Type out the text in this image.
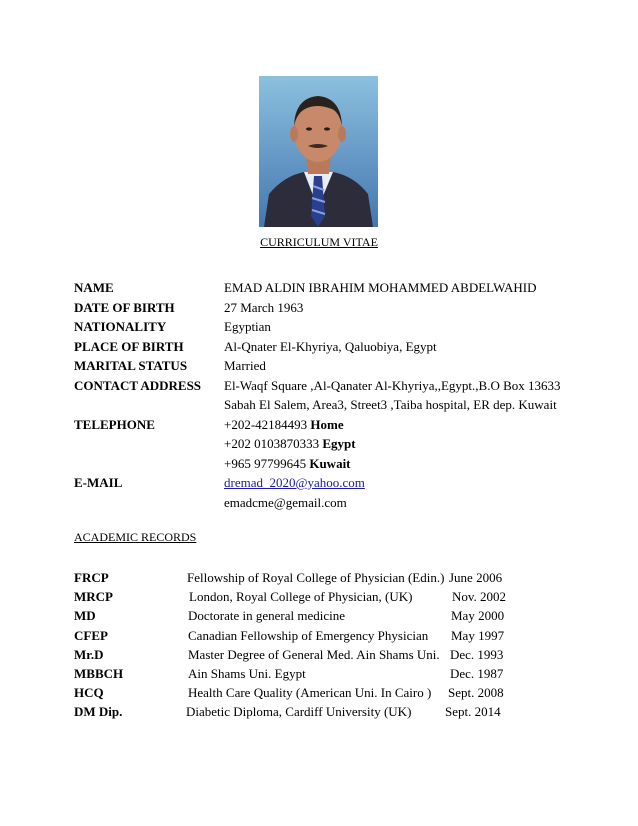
CURRICULUM VITAE
NAME	EMAD ALDIN IBRAHIM MOHAMMED ABDELWAHID
DATE OF BIRTH	27 March 1963
NATIONALITY	Egyptian
PLACE OF BIRTH	Al-Qnater El-Khyriya, Qaluobiya, Egypt
MARITAL STATUS	Married
CONTACT ADDRESS El-Waqf Square ,Al-Qanater Al-Khyriya,,Egypt.,B.O Box 13633
Sabah El Salem, Area3, Street3 ,Taiba hospital, ER dep. Kuwait
TELEPHONE	+202-42184493 Home
+202 0103870333 Egypt
+965 97799645 Kuwait
E-MAIL	dremad_2020@yahoo.com
emadcme@gemail.com
ACADEMIC RECORDS
FRCP	Fellowship of Royal College of Physician (Edin.) June 2006
MRCP	London, Royal College of Physician, (UK)	Nov. 2002
MD	Doctorate in general medicine	May 2000
CFEP	Canadian Fellowship of Emergency Physician May 1997
Mr.D	Master Degree of General Med. Ain Shams Uni. Dec. 1993
MBBCH	Ain Shams Uni. Egypt	Dec. 1987
HCQ	Health Care Quality (American Uni. In Cairo ) Sept. 2008
DM Dip.	Diabetic Diploma, Cardiff University (UK)	Sept. 2014
